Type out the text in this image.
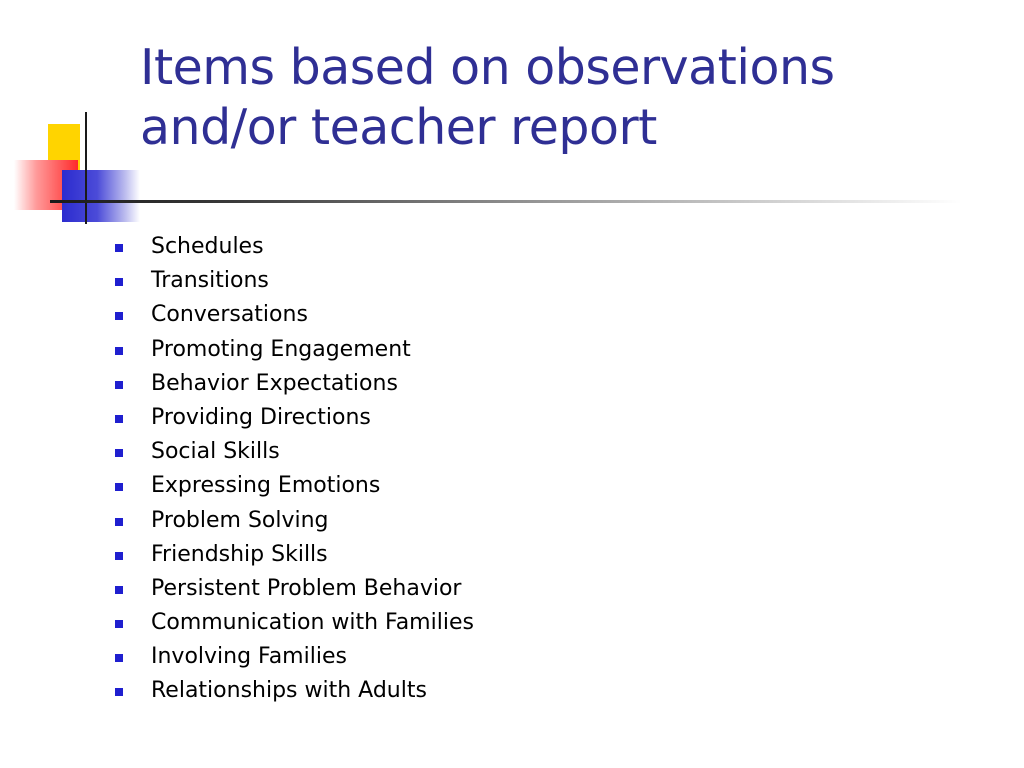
Items based on observations
and/or teacher report
Schedules
Transitions
Conversations
Promoting Engagement
Behavior Expectations
Providing Directions
Social Skills
Expressing Emotions
Problem Solving
Friendship Skills
Persistent Problem Behavior
Communication with Families
Involving Families
Relationships with Adults
